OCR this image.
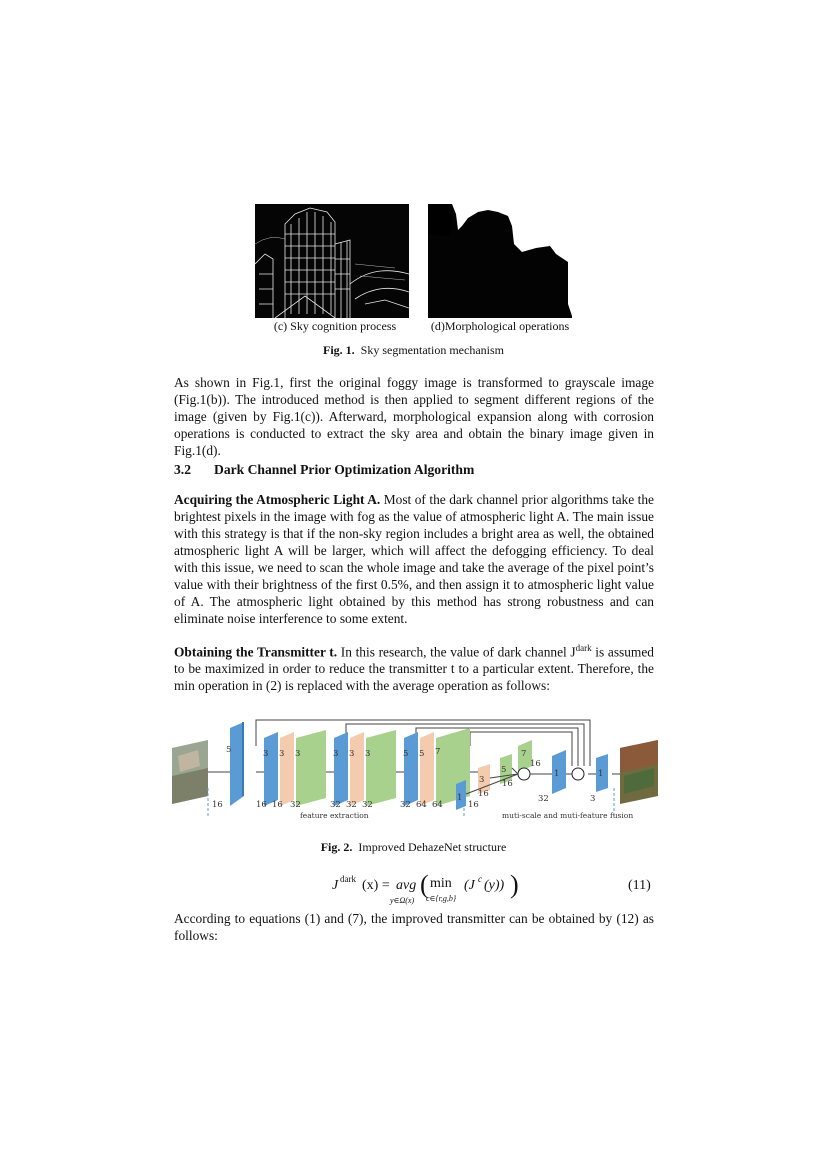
(c) Sky cognition process	(d)Morphological operations
Fig. 1. Sky segmentation mechanism
As shown in Fig.1, first the original foggy image is transformed to grayscale image (Fig.1(b)). The introduced method is then applied to segment different regions of the image (given by Fig.1(c)). Afterward, morphological expansion along with corrosion operations is conducted to extract the sky area and obtain the binary image given in Fig.1(d).
3.2 Dark Channel Prior Optimization Algorithm
Acquiring the Atmospheric Light A. Most of the dark channel prior algorithms take the brightest pixels in the image with fog as the value of atmospheric light A. The main issue with this strategy is that if the non-sky region includes a bright area as well, the obtained atmospheric light A will be larger, which will affect the defogging efficiency. To deal with this issue, we need to scan the whole image and take the average of the pixel point’s value with their brightness of the first 0.5%, and then assign it to atmospheric light value of A. The atmospheric light obtained by this method has strong robustness and can eliminate noise interference to some extent.
Obtaining the Transmitter t. In this research, the value of dark channel $J^{dark}$ is assumed to be maximized in order to reduce the transmitter t to a particular extent. Therefore, the min operation in (2) is replaced with the average operation as follows:
5	3 3 3	3 3 3	5 5 7
1
3
5
7
1	1
16
16
16
16	16 16 32	32 32 32	32 64 64	16
32	3
feature extraction	muti-scale and muti-feature fusion
Fig. 2. Improved DehazeNet structure
J dark (x) = avg
y∈Ω(x)
( min
c∈{r,g,b}
(J c (y)) )	(11)
According to equations (1) and (7), the improved transmitter can be obtained by (12) as follows:
